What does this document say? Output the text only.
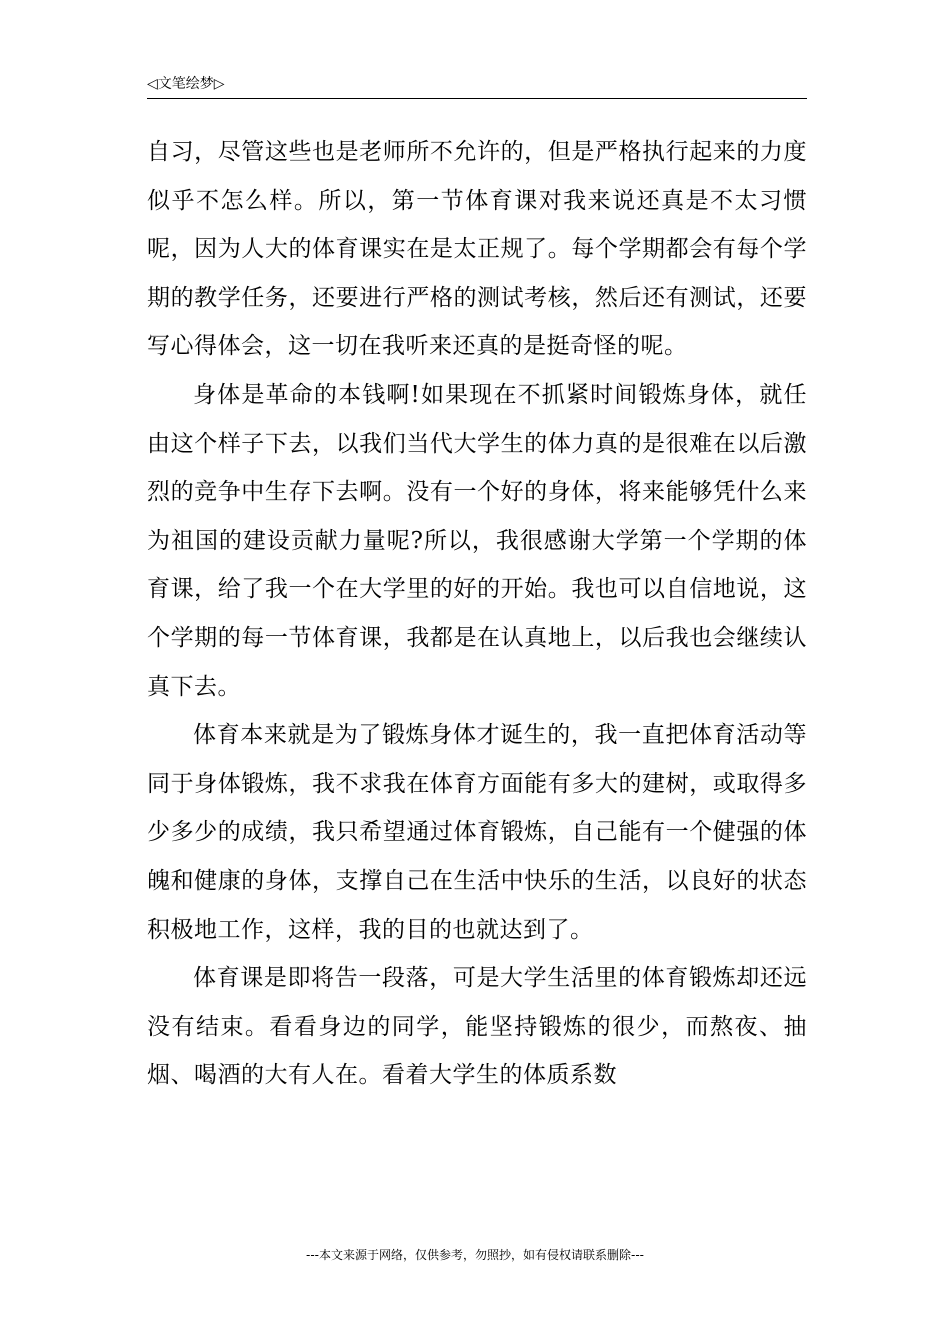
◁文笔绘梦▷

自习，尽管这些也是老师所不允许的，但是严格执行起来的力度似乎不怎么样。所以，第一节体育课对我来说还真是不太习惯呢，因为人大的体育课实在是太正规了。每个学期都会有每个学期的教学任务，还要进行严格的测试考核，然后还有测试，还要写心得体会，这一切在我听来还真的是挺奇怪的呢。

身体是革命的本钱啊!如果现在不抓紧时间锻炼身体，就任由这个样子下去，以我们当代大学生的体力真的是很难在以后激烈的竞争中生存下去啊。没有一个好的身体，将来能够凭什么来为祖国的建设贡献力量呢?所以，我很感谢大学第一个学期的体育课，给了我一个在大学里的好的开始。我也可以自信地说，这个学期的每一节体育课，我都是在认真地上，以后我也会继续认真下去。

体育本来就是为了锻炼身体才诞生的，我一直把体育活动等同于身体锻炼，我不求我在体育方面能有多大的建树，或取得多少多少的成绩，我只希望通过体育锻炼，自己能有一个健强的体魄和健康的身体，支撑自己在生活中快乐的生活，以良好的状态积极地工作，这样，我的目的也就达到了。

体育课是即将告一段落，可是大学生活里的体育锻炼却还远没有结束。看看身边的同学，能坚持锻炼的很少，而熬夜、抽烟、喝酒的大有人在。看着大学生的体质系数

---本文来源于网络，仅供参考，勿照抄，如有侵权请联系删除---
